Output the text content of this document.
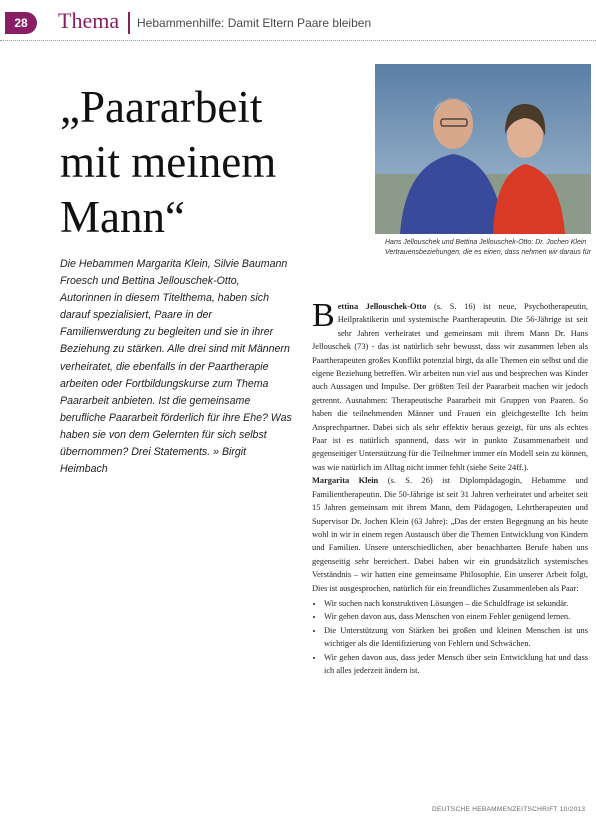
28 Thema Hebammenhilfe: Damit Eltern Paare bleiben
„Paararbeit
mit meinem
Mann“
Hans Jellouschek und Bettina Jellouschek-Otto: Dr. Jochen Klein Vertrauensbeziehungen, die es einen, dass nehmen wir daraus für
Die Hebammen Margarita Klein, Silvie Baumann Froesch und Bettina Jellouschek-Otto, Autorinnen in diesem Titelthema, haben sich darauf spezialisiert, Paare in der Familienwerdung zu begleiten und sie in ihrer Beziehung zu stärken. Alle drei sind mit Männern verheiratet, die ebenfalls in der Paartherapie arbeiten oder Fortbildungskurse zum Thema Paararbeit anbieten. Ist die gemeinsame berufliche Paararbeit förderlich für ihre Ehe? Was haben sie von dem Gelernten für sich selbst übernommen? Drei Statements. » Birgit Heimbach

Bettina Jellouschek-Otto (s. S. 16) ist neue, Psychotherapeutin, Heilpraktikerin und systemische Paartherapeutin. Die 56-Jährige ist seit sehr Jahren verheiratet und gemeinsam mit ihrem Mann Dr. Hans Jellouschek (73) - das ist natürlich sehr bewusst, dass wir zusammen leben als Paartherapeuten großes Konflikt potenzial birgt, da alle Themen ein selbst und die eigene Beziehung betreffen. Wir arbeiten nun viel aus und besprechen was Kinder auch Aussagen und Impulse. Der größten Teil der Paararbeit machen wir jedoch getrennt. Ausnahmen: Therapeutische Paararbeit mit Gruppen von Paaren. So haben die teilnehmenden Männer und Frauen ein gleichgestellte Ich beim Ansprechpartner. Dabei sich als sehr effektiv heraus gezeigt, für uns als echtes Paar ist es natürlich spannend, dass wir in punkto Zusammenarbeit und gegenseitiger Unterstützung für die Teilnehmer immer ein Modell sein zu können, was wie natürlich im Alltag nicht immer fehlt (siehe Seite 24ff.).

Margarita Klein (s. S. 26) ist Diplompädagogin, Hebamme und Familientherapeutin. Die 50-Jährige ist seit 31 Jahren verheiratet und arbeitet seit 15 Jahren gemeinsam mit ihrem Mann, dem Pädagogen, Lehrtherapeuten und Supervisor Dr. Jochen Klein (63 Jahre): „Das der ersten Begegnung an bis heute wohl in wir in einem regen Austausch über die Themen Entwicklung von Kindern und Familien. Unsere unterschiedlichen, aber benachbarten Berufe haben uns gegenseitig sehr bereichert. Dabei haben wir ein grundsätzlich systemisches Verständnis – wir hatten eine gemeinsame Philosophie. Ein unserer Arbeit folgt, Dies ist ausgesprochen, natürlich für ein freundliches Zusammenleben als Paar:

• Wir suchen nach konstruktiven Lösungen – die Schuldfrage ist sekundär.
• Wir gehen davon aus, dass Menschen von einem Fehler genügend lernen.
• Die Unterstützung von Stärken bei großen und kleinen Menschen ist uns wichtiger als die Identifizierung von Fehlern und Schwächen.
• Wir gehen davon aus, dass jeder Mensch über sein Entwicklung hat und dass ich alles jederzeit ändern ist.
DEUTSCHE HEBAMMENZEITSCHRIFT 10/2013
